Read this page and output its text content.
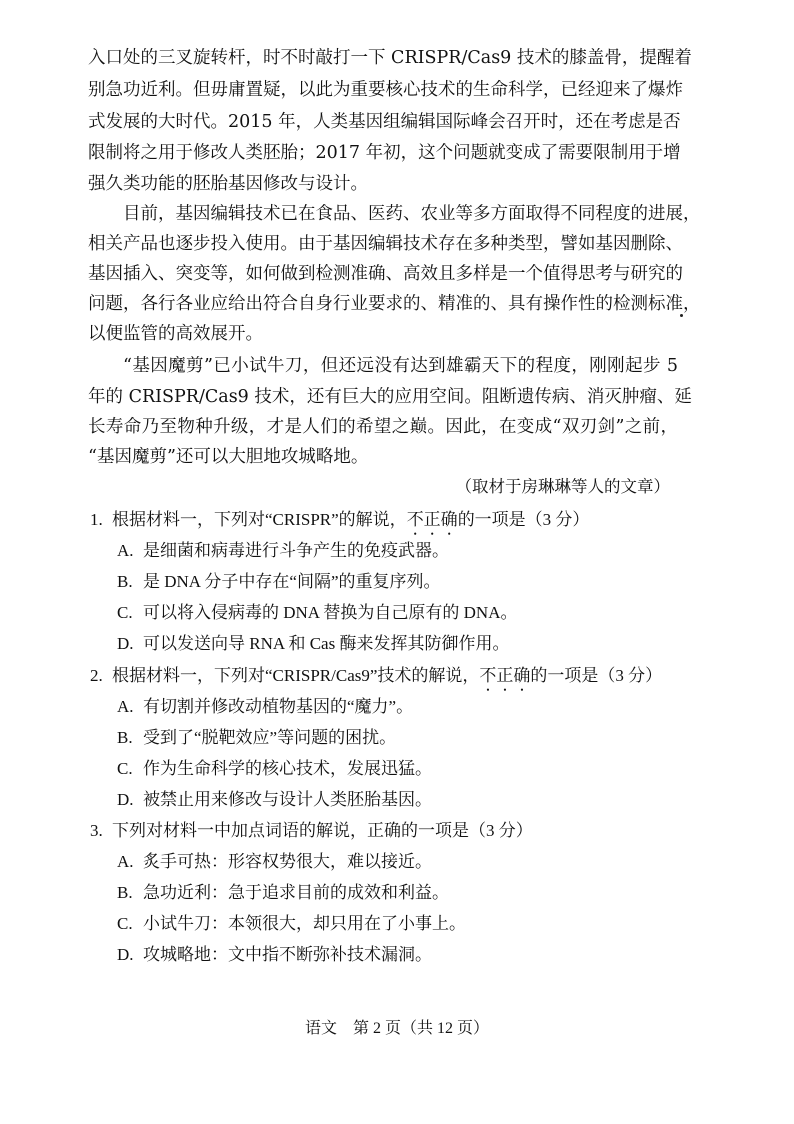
入口处的三叉旋转杆，时不时敲打一下 CRISPR/Cas9 技术的膝盖骨，提醒着
别急功近利。但毋庸置疑，以此为重要核心技术的生命科学，已经迎来了爆炸
式发展的大时代。2015 年，人类基因组编辑国际峰会召开时，还在考虑是否
限制将之用于修改人类胚胎；2017 年初，这个问题就变成了需要限制用于增
强久类功能的胚胎基因修改与设计。
目前，基因编辑技术已在食品、医药、农业等多方面取得不同程度的进展，
相关产品也逐步投入使用。由于基因编辑技术存在多种类型，譬如基因删除、
基因插入、突变等，如何做到检测准确、高效且多样是一个值得思考与研究的
问题，各行各业应给出符合自身行业要求的、精准的、具有操作性的检测标准，
以便监管的高效展开。
“基因魔剪”已小试牛刀，但还远没有达到雄霸天下的程度，刚刚起步 5
年的 CRISPR/Cas9 技术，还有巨大的应用空间。阻断遗传病、消灭肿瘤、延
长寿命乃至物种升级，才是人们的希望之巅。因此，在变成“双刃剑”之前，
“基因魔剪”还可以大胆地攻城略地。
（取材于房琳琳等人的文章）
1. 根据材料一，下列对“CRISPR”的解说，不正确的一项是（3 分）
A. 是细菌和病毒进行斗争产生的免疫武器。
B. 是 DNA 分子中存在“间隔”的重复序列。
C. 可以将入侵病毒的 DNA 替换为自己原有的 DNA。
D. 可以发送向导 RNA 和 Cas 酶来发挥其防御作用。
2. 根据材料一，下列对“CRISPR/Cas9”技术的解说，不正确的一项是（3 分）
A. 有切割并修改动植物基因的“魔力”。
B. 受到了“脱靶效应”等问题的困扰。
C. 作为生命科学的核心技术，发展迅猛。
D. 被禁止用来修改与设计人类胚胎基因。
3. 下列对材料一中加点词语的解说，正确的一项是（3 分）
A. 炙手可热：形容权势很大，难以接近。
B. 急功近利：急于追求目前的成效和利益。
C. 小试牛刀：本领很大，却只用在了小事上。
D. 攻城略地：文中指不断弥补技术漏洞。
语文　第 2 页（共 12 页）
